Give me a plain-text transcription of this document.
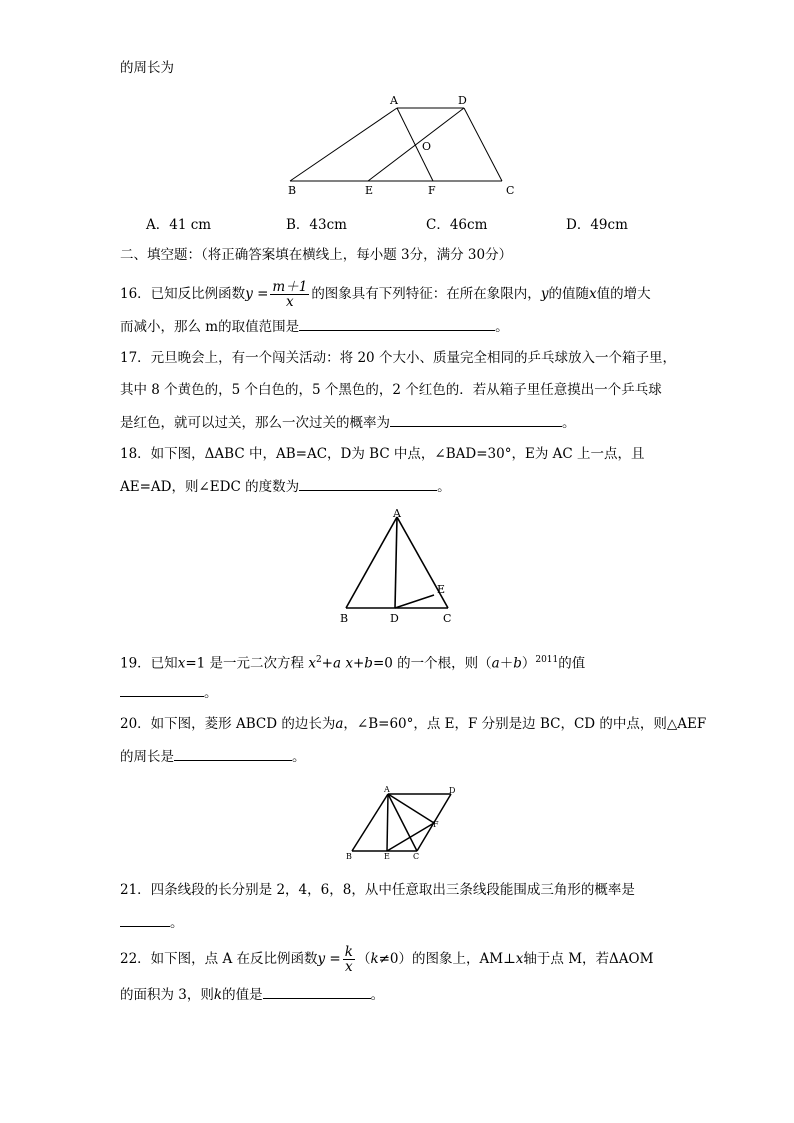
的周长为
A	D
O
B	E	F	C
A．41 cm	B．43cm	C．46cm	D．49cm
二、填空题：（将正确答案填在横线上，每小题 3分，满分 30分）
16．已知反比例函数$y = \frac{m+1}{x}$ 的图象具有下列特征：在所在象限内，y的值随x值的增大
而减小，那么 m的取值范围是	。
17．元旦晚会上，有一个闯关活动：将 20 个大小、质量完全相同的乒乓球放入一个箱子里，
其中 8 个黄色的，5 个白色的，5 个黑色的，2 个红色的．若从箱子里任意摸出一个乒乓球
是红色，就可以过关，那么一次过关的概率为	。
18．如下图，ΔABC 中，AB=AC，D为 BC 中点，∠BAD=30°，E为 AC 上一点，且
AE=AD，则∠EDC 的度数为	。
A
B	D	C
E
19．已知x=1 是一元二次方程 $x^2+a$ x+b=0 的一个根，则$(a+b)^{2011}$的值
。
20．如下图，菱形 ABCD 的边长为a，∠B=60°，点 E，F 分别是边 BC，CD 的中点，则△AEF
的周长是	。
A	D
F
B	E	C
21．四条线段的长分别是 2，4，6，8，从中任意取出三条线段能围成三角形的概率是
。
22．如下图，点 A 在反比例函数$y = \frac{k}{x} (k\ne 0)$的图象上，AM⊥x轴于点 M，若ΔAOM
的面积为 3，则k的值是	。
